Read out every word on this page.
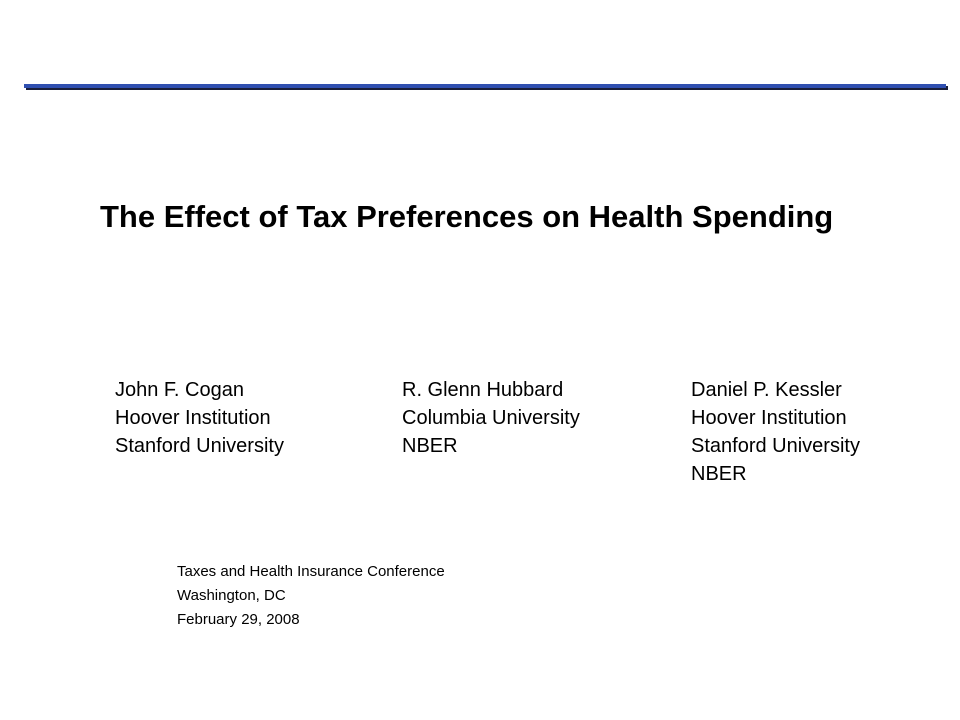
The Effect of Tax Preferences on Health Spending
John F. Cogan
Hoover Institution
Stanford University
R. Glenn Hubbard
Columbia University
NBER
Daniel P. Kessler
Hoover Institution
Stanford University
NBER
Taxes and Health Insurance Conference
Washington, DC
February 29, 2008
